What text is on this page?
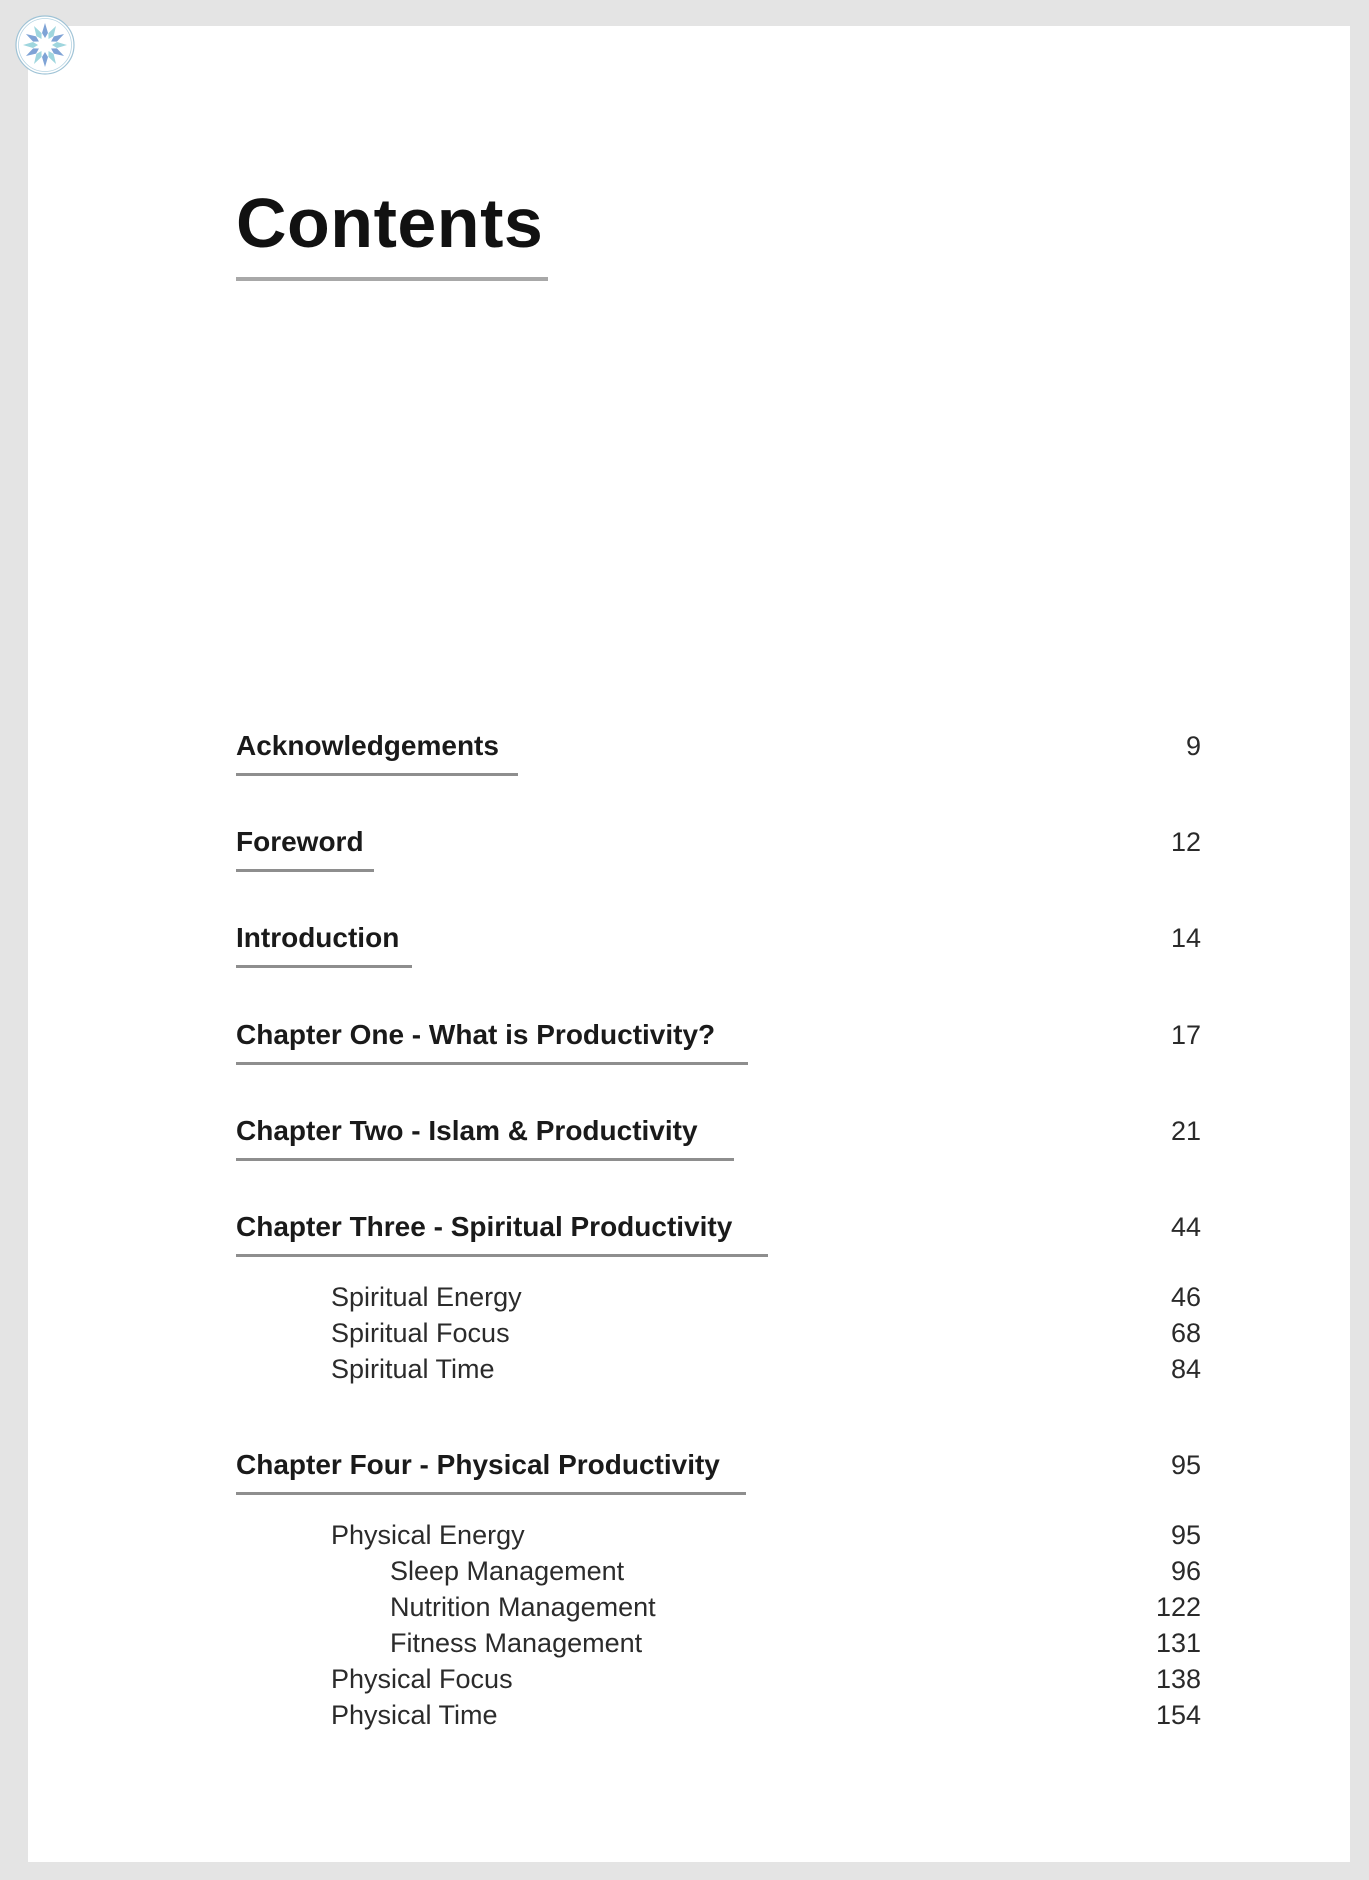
Contents
Acknowledgements	9
Foreword	12
Introduction	14
Chapter One - What is Productivity?	17
Chapter Two - Islam & Productivity	21
Chapter Three - Spiritual Productivity	44
Spiritual Energy	46
Spiritual Focus	68
Spiritual Time	84
Chapter Four - Physical Productivity	95
Physical Energy	95
Sleep Management	96
Nutrition Management	122
Fitness Management	131
Physical Focus	138
Physical Time	154
